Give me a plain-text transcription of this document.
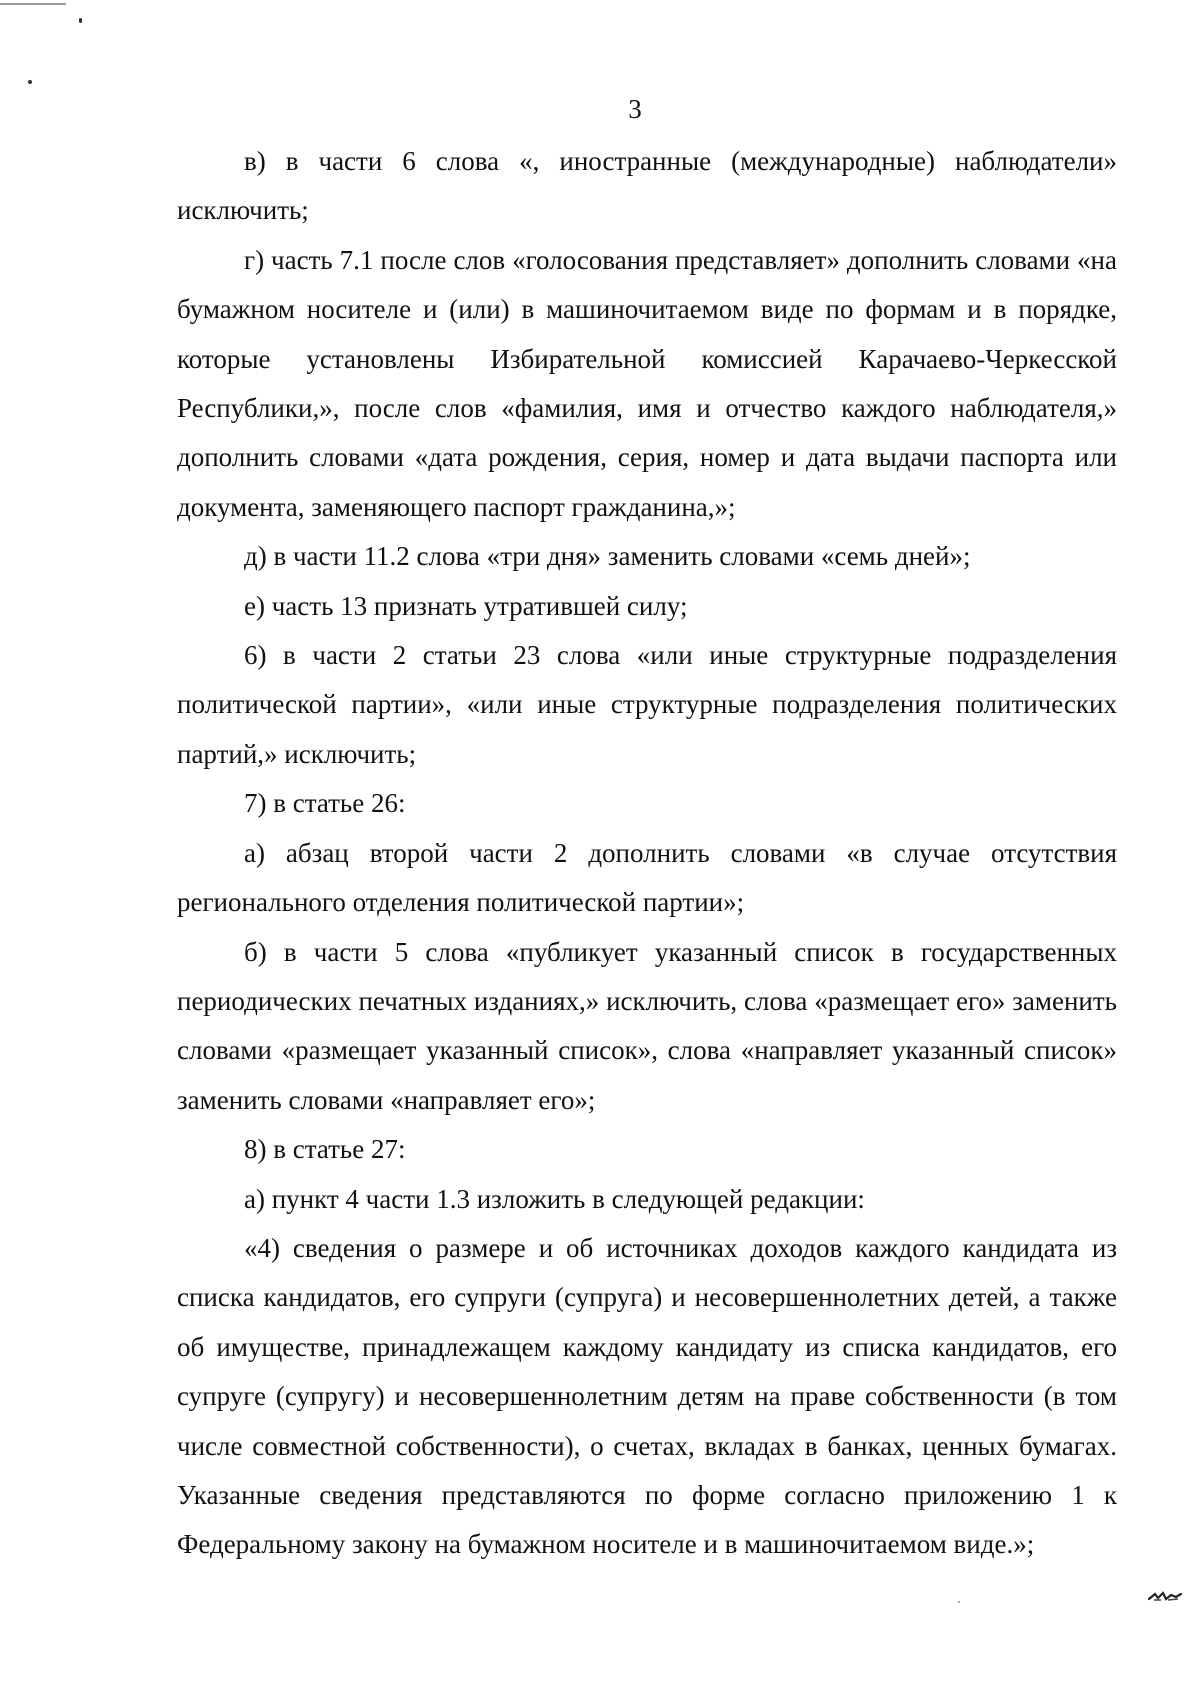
3

в) в части 6 слова «, иностранные (международные) наблюдатели» исключить;

г) часть 7.1 после слов «голосования представляет» дополнить словами «на бумажном носителе и (или) в машиночитаемом виде по формам и в порядке, которые установлены Избирательной комиссией Карачаево-Черкесской Республики,», после слов «фамилия, имя и отчество каждого наблюдателя,» дополнить словами «дата рождения, серия, номер и дата выдачи паспорта или документа, заменяющего паспорт гражданина,»;

д) в части 11.2 слова «три дня» заменить словами «семь дней»;

е) часть 13 признать утратившей силу;

6) в части 2 статьи 23 слова «или иные структурные подразделения политической партии», «или иные структурные подразделения политических партий,» исключить;

7) в статье 26:

а) абзац второй части 2 дополнить словами «в случае отсутствия регионального отделения политической партии»;

б) в части 5 слова «публикует указанный список в государственных периодических печатных изданиях,» исключить, слова «размещает его» заменить словами «размещает указанный список», слова «направляет указанный список» заменить словами «направляет его»;

8) в статье 27:

а) пункт 4 части 1.3 изложить в следующей редакции:

«4) сведения о размере и об источниках доходов каждого кандидата из списка кандидатов, его супруги (супруга) и несовершеннолетних детей, а также об имуществе, принадлежащем каждому кандидату из списка кандидатов, его супруге (супругу) и несовершеннолетним детям на праве собственности (в том числе совместной собственности), о счетах, вкладах в банках, ценных бумагах. Указанные сведения представляются по форме согласно приложению 1 к Федеральному закону на бумажном носителе и в машиночитаемом виде.»;
